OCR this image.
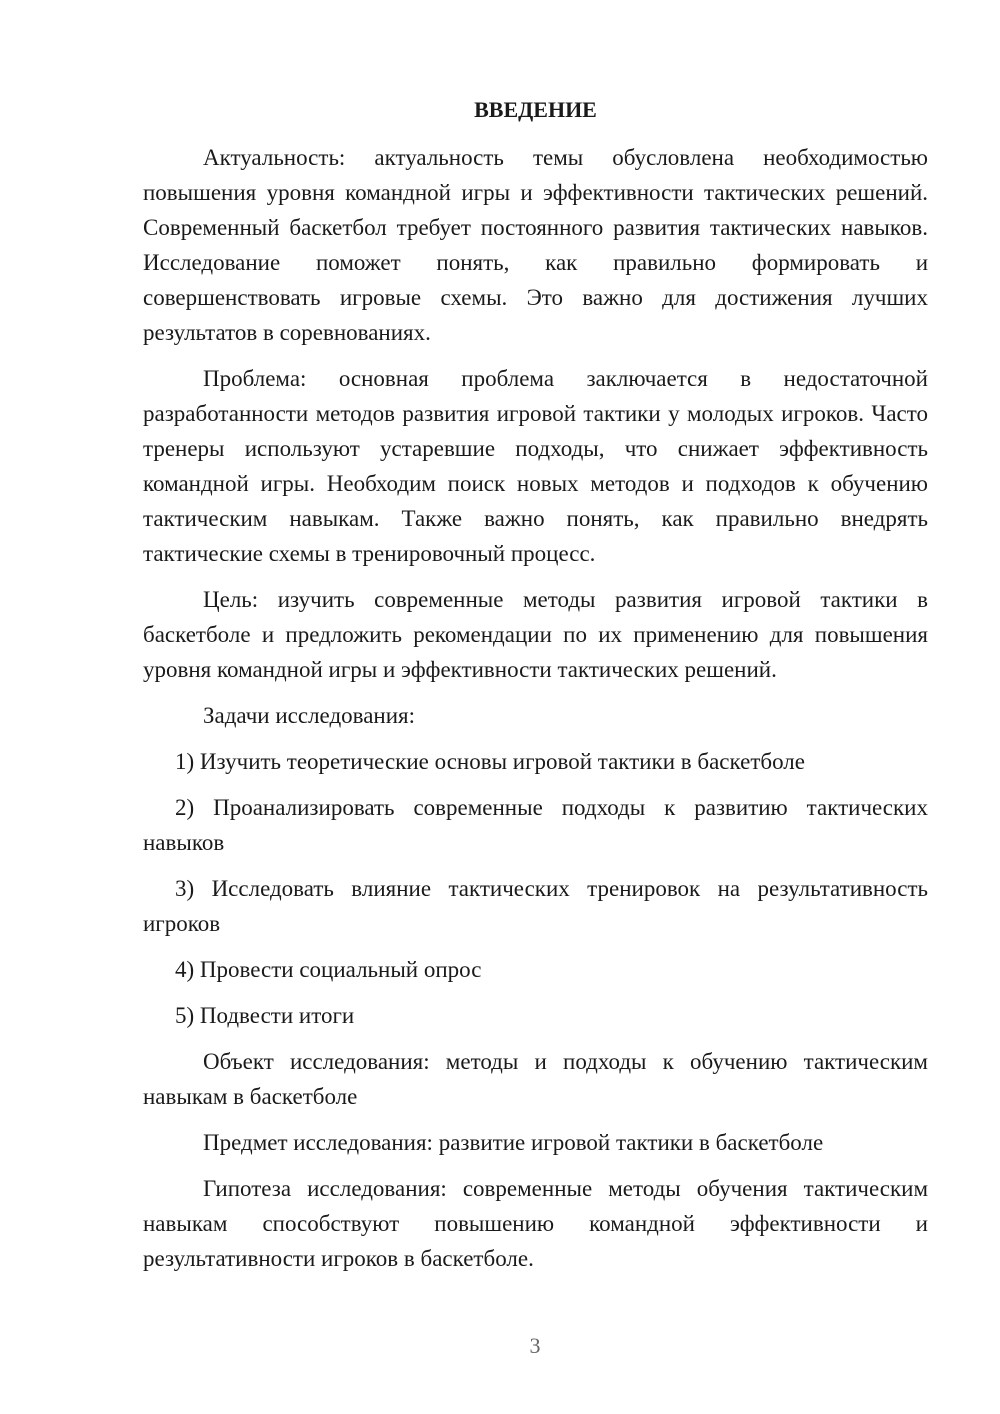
ВВЕДЕНИЕ

Актуальность: актуальность темы обусловлена необходимостью повышения уровня командной игры и эффективности тактических решений. Современный баскетбол требует постоянного развития тактических навыков. Исследование поможет понять, как правильно формировать и совершенствовать игровые схемы. Это важно для достижения лучших результатов в соревнованиях.

Проблема: основная проблема заключается в недостаточной разработанности методов развития игровой тактики у молодых игроков. Часто тренеры используют устаревшие подходы, что снижает эффективность командной игры. Необходим поиск новых методов и подходов к обучению тактическим навыкам. Также важно понять, как правильно внедрять тактические схемы в тренировочный процесс.

Цель: изучить современные методы развития игровой тактики в баскетболе и предложить рекомендации по их применению для повышения уровня командной игры и эффективности тактических решений.

Задачи исследования:

1) Изучить теоретические основы игровой тактики в баскетболе

2) Проанализировать современные подходы к развитию тактических навыков

3) Исследовать влияние тактических тренировок на результативность игроков

4) Провести социальный опрос

5) Подвести итоги

Объект исследования: методы и подходы к обучению тактическим навыкам в баскетболе

Предмет исследования: развитие игровой тактики в баскетболе

Гипотеза исследования: современные методы обучения тактическим навыкам способствуют повышению командной эффективности и результативности игроков в баскетболе.

3
